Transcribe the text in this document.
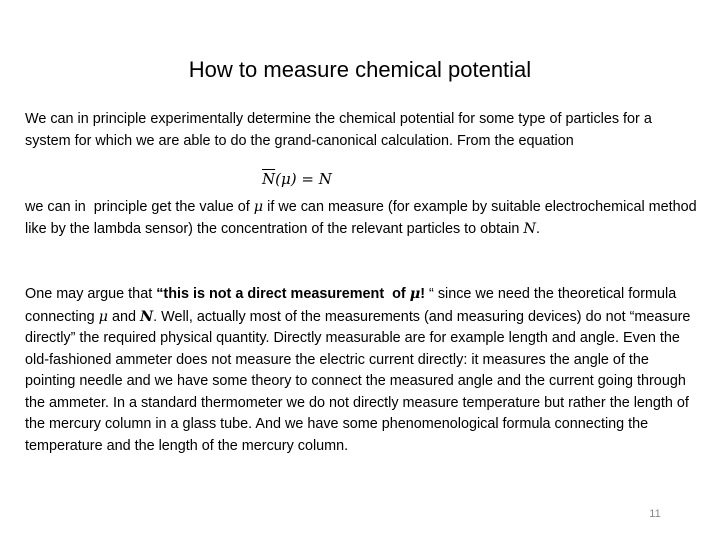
How to measure chemical potential
We can in principle experimentally determine the chemical potential for some type of particles for a system for which we are able to do the grand-canonical calculation. From the equation
$\overline{N}(\mu) = N$
we can in  principle get the value of μ if we can measure (for example by suitable electrochemical method like by the lambda sensor) the concentration of the relevant particles to obtain N.
One may argue that “this is not a direct measurement  of μ! “ since we need the theoretical formula connecting μ and N. Well, actually most of the measurements (and measuring devices) do not “measure directly” the required physical quantity. Directly measurable are for example length and angle. Even the old-fashioned ammeter does not measure the electric current directly: it measures the angle of the pointing needle and we have some theory to connect the measured angle and the current going through the ammeter. In a standard thermometer we do not directly measure temperature but rather the length of the mercury column in a glass tube. And we have some phenomenological formula connecting the temperature and the length of the mercury column.
11
